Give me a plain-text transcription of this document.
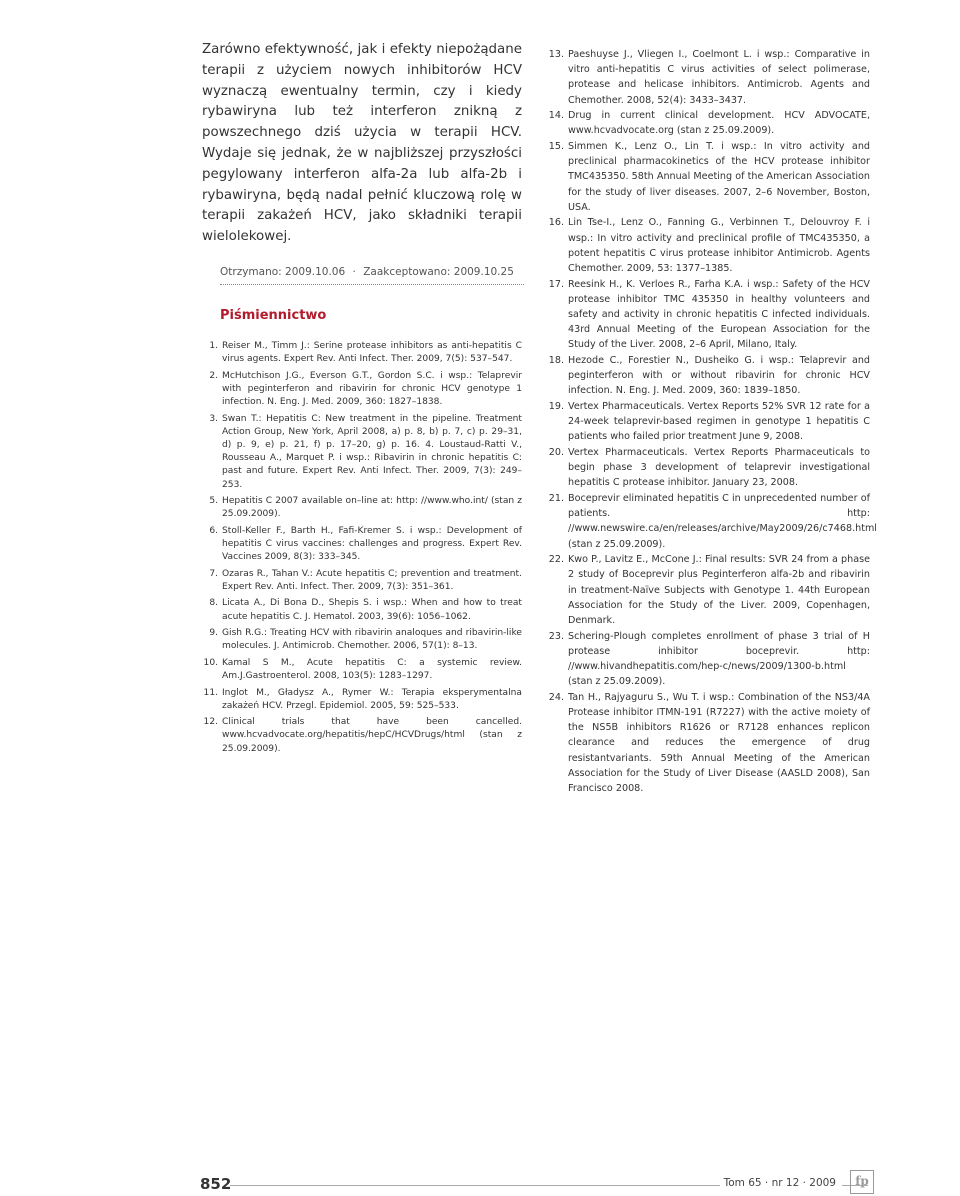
Zarówno efektywność, jak i efekty niepożądane terapii z użyciem nowych inhibitorów HCV wyznaczą ewentualny termin, czy i kiedy rybawiryna lub też interferon znikną z powszechnego dziś użycia w terapii HCV. Wydaje się jednak, że w najbliższej przyszłości pegylowany interferon alfa-2a lub alfa-2b i rybawiryna, będą nadal pełnić kluczową rolę w terapii zakażeń HCV, jako składniki terapii wielolekowej.

Otrzymano: 2009.10.06 · Zaakceptowano: 2009.10.25
Piśmiennictwo
1. Reiser M., Timm J.: Serine protease inhibitors as anti-hepatitis C virus agents. Expert Rev. Anti Infect. Ther. 2009, 7(5): 537–547.
2. McHutchison J.G., Everson G.T., Gordon S.C. i wsp.: Telaprevir with peginterferon and ribavirin for chronic HCV genotype 1 infection. N. Eng. J. Med. 2009, 360: 1827–1838.
3. Swan T.: Hepatitis C: New treatment in the pipeline. Treatment Action Group, New York, April 2008, a) p. 8, b) p. 7, c) p. 29–31, d) p. 9, e) p. 21, f) p. 17–20, g) p. 16. 4. Loustaud-Ratti V., Rousseau A., Marquet P. i wsp.: Ribavirin in chronic hepatitis C: past and future. Expert Rev. Anti Infect. Ther. 2009, 7(3): 249–253.
5. Hepatitis C 2007 available on–line at: http: //www.who.int/ (stan z 25.09.2009).
6. Stoll-Keller F., Barth H., Fafi-Kremer S. i wsp.: Development of hepatitis C virus vaccines: challenges and progress. Expert Rev. Vaccines 2009, 8(3): 333–345.
7. Ozaras R., Tahan V.: Acute hepatitis C; prevention and treatment. Expert Rev. Anti. Infect. Ther. 2009, 7(3): 351–361.
8. Licata A., Di Bona D., Shepis S. i wsp.: When and how to treat acute hepatitis C. J. Hematol. 2003, 39(6): 1056–1062.
9. Gish R.G.: Treating HCV with ribavirin analoques and ribavirin-like molecules. J. Antimicrob. Chemother. 2006, 57(1): 8–13.
10. Kamal S M., Acute hepatitis C: a systemic review. Am.J.Gastroenterol. 2008, 103(5): 1283–1297.
11. Inglot M., Gładysz A., Rymer W.: Terapia eksperymentalna zakażeń HCV. Przegl. Epidemiol. 2005, 59: 525–533.
12. Clinical trials that have been cancelled. www.hcvadvocate.org/hepatitis/hepC/HCVDrugs/html (stan z 25.09.2009).
13. Paeshuyse J., Vliegen I., Coelmont L. i wsp.: Comparative in vitro anti-hepatitis C virus activities of select polimerase, protease and helicase inhibitors. Antimicrob. Agents and Chemother. 2008, 52(4): 3433–3437.
14. Drug in current clinical development. HCV ADVOCATE, www.hcvadvocate.org (stan z 25.09.2009).
15. Simmen K., Lenz O., Lin T. i wsp.: In vitro activity and preclinical pharmacokinetics of the HCV protease inhibitor TMC435350. 58th Annual Meeting of the American Association for the study of liver diseases. 2007, 2–6 November, Boston, USA.
16. Lin Tse-I., Lenz O., Fanning G., Verbinnen T., Delouvroy F. i wsp.: In vitro activity and preclinical profile of TMC435350, a potent hepatitis C virus protease inhibitor Antimicrob. Agents Chemother. 2009, 53: 1377–1385.
17. Reesink H., K. Verloes R., Farha K.A. i wsp.: Safety of the HCV protease inhibitor TMC 435350 in healthy volunteers and safety and activity in chronic hepatitis C infected individuals. 43rd Annual Meeting of the European Association for the Study of the Liver. 2008, 2–6 April, Milano, Italy.
18. Hezode C., Forestier N., Dusheiko G. i wsp.: Telaprevir and peginterferon with or without ribavirin for chronic HCV infection. N. Eng. J. Med. 2009, 360: 1839–1850.
19. Vertex Pharmaceuticals. Vertex Reports 52% SVR 12 rate for a 24-week telaprevir-based regimen in genotype 1 hepatitis C patients who failed prior treatment June 9, 2008.
20. Vertex Pharmaceuticals. Vertex Reports Pharmaceuticals to begin phase 3 development of telaprevir investigational hepatitis C protease inhibitor. January 23, 2008.
21. Boceprevir eliminated hepatitis C in unprecedented number of patients. http: //www.newswire.ca/en/releases/archive/May2009/26/c7468.html (stan z 25.09.2009).
22. Kwo P., Lavitz E., McCone J.: Final results: SVR 24 from a phase 2 study of Boceprevir plus Peginterferon alfa-2b and ribavirin in treatment-Naïve Subjects with Genotype 1. 44th European Association for the Study of the Liver. 2009, Copenhagen, Denmark.
23. Schering-Plough completes enrollment of phase 3 trial of H protease inhibitor boceprevir. http: //www.hivandhepatitis.com/hep-c/news/2009/1300-b.html (stan z 25.09.2009).
24. Tan H., Rajyaguru S., Wu T. i wsp.: Combination of the NS3/4A Protease inhibitor ITMN-191 (R7227) with the active moiety of the NS5B inhibitors R1626 or R7128 enhances replicon clearance and reduces the emergence of drug resistantvariants. 59th Annual Meeting of the American Association for the Study of Liver Disease (AASLD 2008), San Francisco 2008.
852	Tom 65 · nr 12 · 2009	fp
